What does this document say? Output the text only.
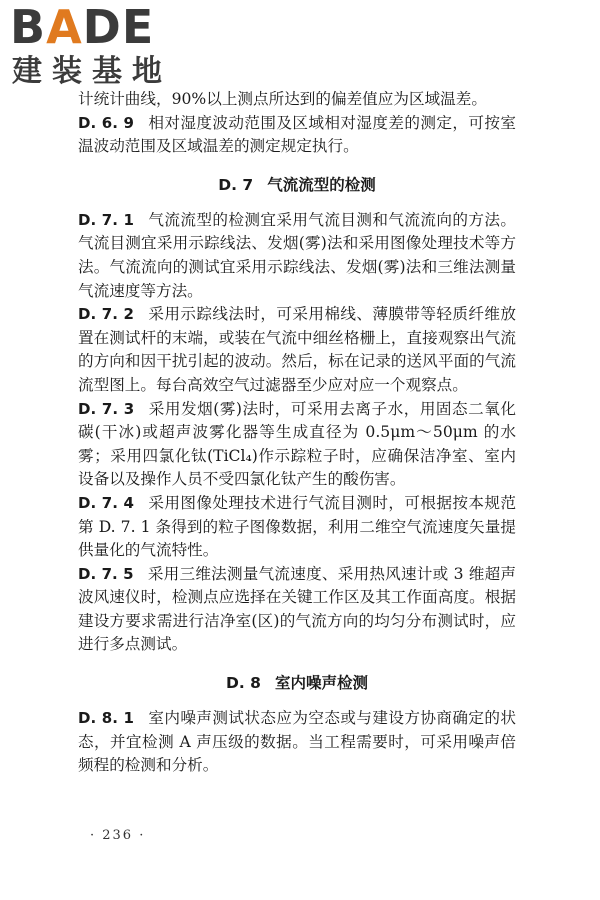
BADE
建装基地

计统计曲线，90%以上测点所达到的偏差值应为区域温差。

D. 6. 9 相对湿度波动范围及区域相对湿度差的测定，可按室温波动范围及区域温差的测定规定执行。

D. 7 气流流型的检测

D. 7. 1 气流流型的检测宜采用气流目测和气流流向的方法。气流目测宜采用示踪线法、发烟(雾)法和采用图像处理技术等方法。气流流向的测试宜采用示踪线法、发烟(雾)法和三维法测量气流速度等方法。

D. 7. 2 采用示踪线法时，可采用棉线、薄膜带等轻质纤维放置在测试杆的末端，或装在气流中细丝格栅上，直接观察出气流的方向和因干扰引起的波动。然后，标在记录的送风平面的气流流型图上。每台高效空气过滤器至少应对应一个观察点。

D. 7. 3 采用发烟(雾)法时，可采用去离子水，用固态二氧化碳(干冰)或超声波雾化器等生成直径为 0.5μm～50μm 的水雾；采用四氯化钛(TiCl₄)作示踪粒子时，应确保洁净室、室内设备以及操作人员不受四氯化钛产生的酸伤害。

D. 7. 4 采用图像处理技术进行气流目测时，可根据按本规范第 D. 7. 1 条得到的粒子图像数据，利用二维空气流速度矢量提供量化的气流特性。

D. 7. 5 采用三维法测量气流速度、采用热风速计或 3 维超声波风速仪时，检测点应选择在关键工作区及其工作面高度。根据建设方要求需进行洁净室(区)的气流方向的均匀分布测试时，应进行多点测试。

D. 8 室内噪声检测

D. 8. 1 室内噪声测试状态应为空态或与建设方协商确定的状态，并宜检测 A 声压级的数据。当工程需要时，可采用噪声倍频程的检测和分析。

· 236 ·
